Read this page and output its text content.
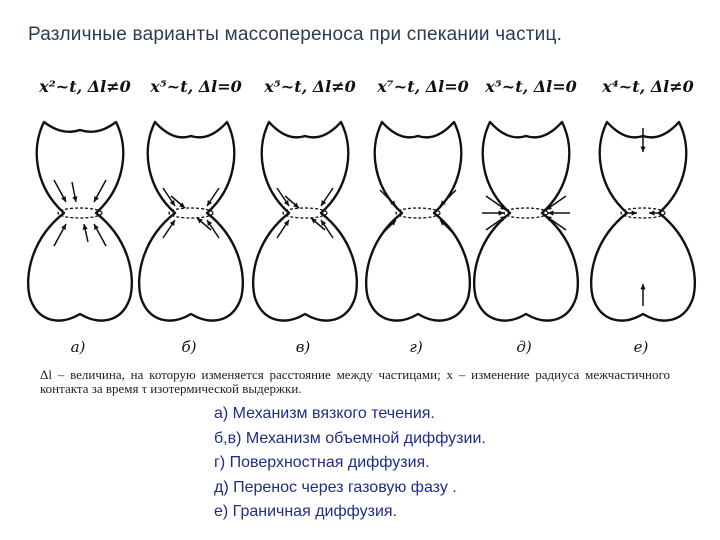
Различные варианты массопереноса при спекании частиц.
x²~t, Δl≠0
а)
x⁵~t, Δl=0
б)
x⁵~t, Δl≠0
в)
x⁷~t, Δl=0
г)
x⁵~t, Δl=0
д)
x⁴~t, Δl≠0
е)
Δl – величина, на которую изменяется расстояние между частицами; x – изменение радиуса межчастичного контакта за время τ изотермической выдержки.
а) Механизм вязкого течения.
б,в) Механизм объемной диффузии.
г) Поверхностная диффузия.
д) Перенос через газовую фазу .
е) Граничная диффузия.
